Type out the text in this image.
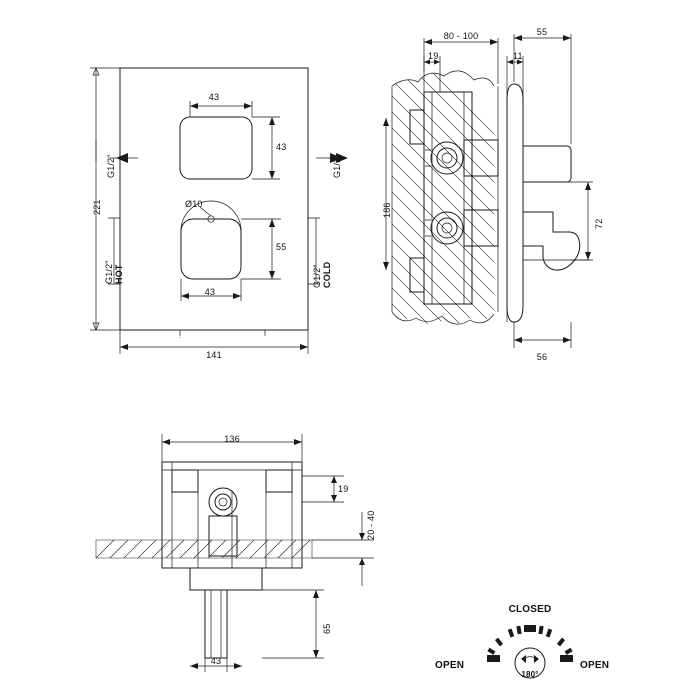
.
43
43
55
43
Ø10
141
221
G1/2"	G1/2"
G1/2" HOT	G1/2" COLD
80 - 100	55
19	11
186
72
56
136
19
20 - 40
65
43
CLOSED
OPEN	OPEN
180°
